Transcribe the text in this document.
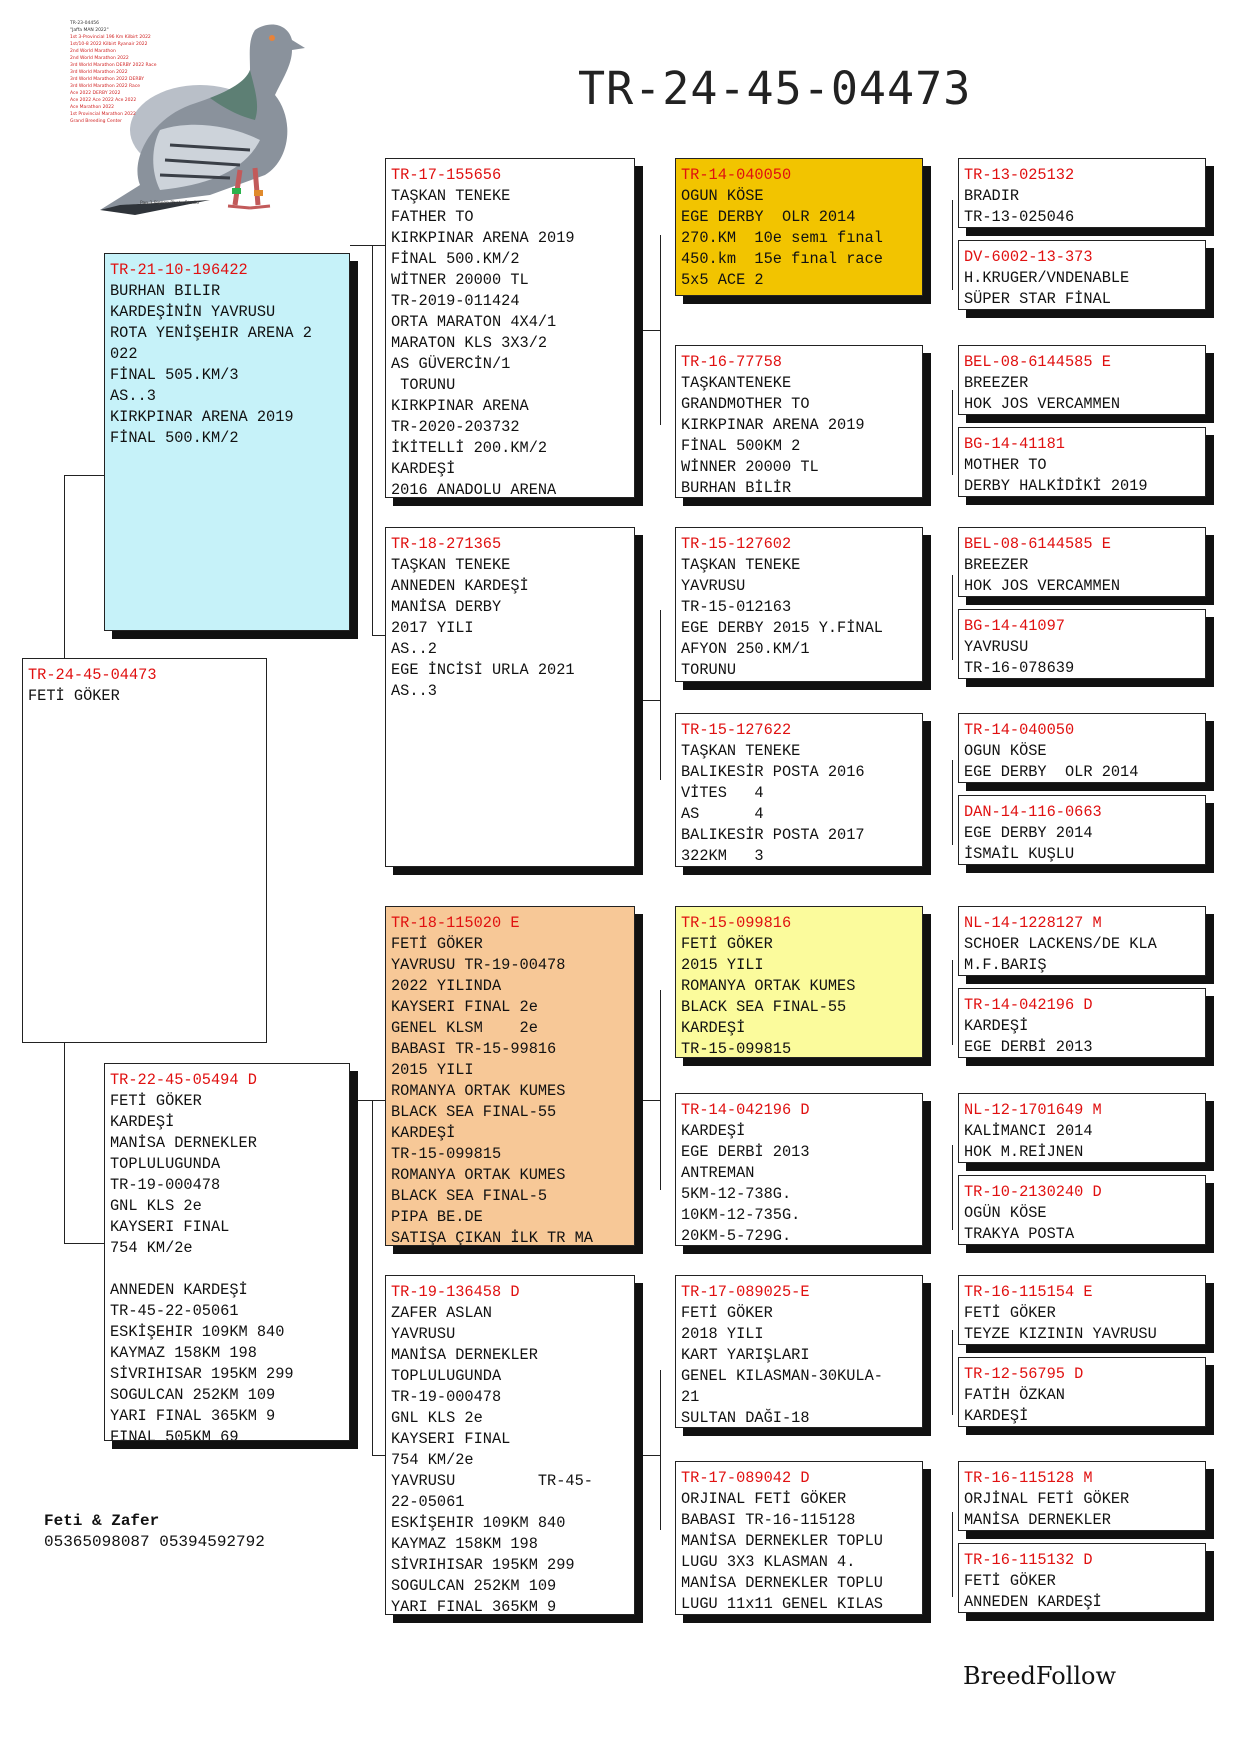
TR-23-04456
"Jaffa MAN 2022"
1st 3-Provincial 196 Km Kilbirt 2022
1st/10-8 2022 Kilbirt Ryanair 2022
2nd World Marathon
2nd World Marathon 2022
3rd World Marathon DERBY 2022 Race
3rd World Marathon 2022
3rd World Marathon 2022 DERBY
3rd World Marathon 2022 Race
Ace 2022 DERBY 2022
Ace 2022 Ace 2022 Ace 2022
Ace Marathon 2022
1st Provincial Marathon 2022
Grand Breeding Center
Pan 3 Pigeon Photo Studio
TR-24-45-04473
TR-24-45-04473
FETİ GÖKER
TR-21-10-196422
BURHAN BILIR
KARDEŞİNİN YAVRUSU
ROTA YENİŞEHIR ARENA 2
022
FİNAL 505.KM/3
AS..3
KIRKPINAR ARENA 2019
FİNAL 500.KM/2
TR-22-45-05494 D
FETİ GÖKER
KARDEŞİ
MANİSA DERNEKLER
TOPLULUGUNDA
TR-19-000478
GNL KLS 2e
KAYSERI FINAL
754 KM/2e

ANNEDEN KARDEŞİ
TR-45-22-05061
ESKİŞEHIR 109KM 840
KAYMAZ 158KM 198
SİVRIHISAR 195KM 299
SOGULCAN 252KM 109
YARI FINAL 365KM 9
FINAL 505KM 69
TR-17-155656
TAŞKAN TENEKE
FATHER TO
KIRKPINAR ARENA 2019
FİNAL 500.KM/2
WİTNER 20000 TL
TR-2019-011424
ORTA MARATON 4X4/1
MARATON KLS 3X3/2
AS GÜVERCİN/1
TORUNU
KIRKPINAR ARENA
TR-2020-203732
İKİTELLİ 200.KM/2
KARDEŞİ
2016 ANADOLU ARENA
TR-18-271365
TAŞKAN TENEKE
ANNEDEN KARDEŞİ
MANİSA DERBY
2017 YILI
AS..2
EGE İNCİSİ URLA 2021
AS..3
TR-18-115020 E
FETİ GÖKER
YAVRUSU TR-19-00478
2022 YILINDA
KAYSERI FINAL 2e
GENEL KLSM    2e
BABASI TR-15-99816
2015 YILI
ROMANYA ORTAK KUMES
BLACK SEA FINAL-55
KARDEŞİ
TR-15-099815
ROMANYA ORTAK KUMES
BLACK SEA FINAL-5
PIPA BE.DE
SATIŞA ÇIKAN İLK TR MA
TR-19-136458 D
ZAFER ASLAN
YAVRUSU
MANİSA DERNEKLER
TOPLULUGUNDA
TR-19-000478
GNL KLS 2e
KAYSERI FINAL
754 KM/2e
YAVRUSU         TR-45-
22-05061
ESKİŞEHIR 109KM 840
KAYMAZ 158KM 198
SİVRIHISAR 195KM 299
SOGULCAN 252KM 109
YARI FINAL 365KM 9
TR-14-040050
OGUN KÖSE
EGE DERBY  OLR 2014
270.KM  10e semı fınal
450.km  15e fınal race
5x5 ACE 2
TR-16-77758
TAŞKANTENEKE
GRANDMOTHER TO
KIRKPINAR ARENA 2019
FİNAL 500KM 2
WİNNER 20000 TL
BURHAN BİLİR
TR-15-127602
TAŞKAN TENEKE
YAVRUSU
TR-15-012163
EGE DERBY 2015 Y.FİNAL
AFYON 250.KM/1
TORUNU
TR-15-127622
TAŞKAN TENEKE
BALIKESİR POSTA 2016
VİTES   4
AS      4
BALIKESİR POSTA 2017
322KM   3
TR-15-099816
FETİ GÖKER
2015 YILI
ROMANYA ORTAK KUMES
BLACK SEA FINAL-55
KARDEŞİ
TR-15-099815
TR-14-042196 D
KARDEŞİ
EGE DERBİ 2013
ANTREMAN
5KM-12-738G.
10KM-12-735G.
20KM-5-729G.
TR-17-089025-E
FETİ GÖKER
2018 YILI
KART YARIŞLARI
GENEL KILASMAN-30KULA-
21
SULTAN DAĞI-18
TR-17-089042 D
ORJINAL FETİ GÖKER
BABASI TR-16-115128
MANİSA DERNEKLER TOPLU
LUGU 3X3 KLASMAN 4.
MANİSA DERNEKLER TOPLU
LUGU 11x11 GENEL KILAS
TR-13-025132
BRADIR
TR-13-025046
DV-6002-13-373
H.KRUGER/VNDENABLE
SÜPER STAR FİNAL
BEL-08-6144585 E
BREEZER
HOK JOS VERCAMMEN
BG-14-41181
MOTHER TO
DERBY HALKİDİKİ 2019
BEL-08-6144585 E
BREEZER
HOK JOS VERCAMMEN
BG-14-41097
YAVRUSU
TR-16-078639
TR-14-040050
OGUN KÖSE
EGE DERBY  OLR 2014
DAN-14-116-0663
EGE DERBY 2014
İSMAİL KUŞLU
NL-14-1228127 M
SCHOER LACKENS/DE KLA
M.F.BARIŞ
TR-14-042196 D
KARDEŞİ
EGE DERBİ 2013
NL-12-1701649 M
KALİMANCI 2014
HOK M.REİJNEN
TR-10-2130240 D
OGÜN KÖSE
TRAKYA POSTA
TR-16-115154 E
FETİ GÖKER
TEYZE KIZININ YAVRUSU
TR-12-56795 D
FATİH ÖZKAN
KARDEŞİ
TR-16-115128 M
ORJİNAL FETİ GÖKER
MANİSA DERNEKLER
TR-16-115132 D
FETİ GÖKER
ANNEDEN KARDEŞİ
Feti & Zafer
05365098087 05394592792
BreedFollow
